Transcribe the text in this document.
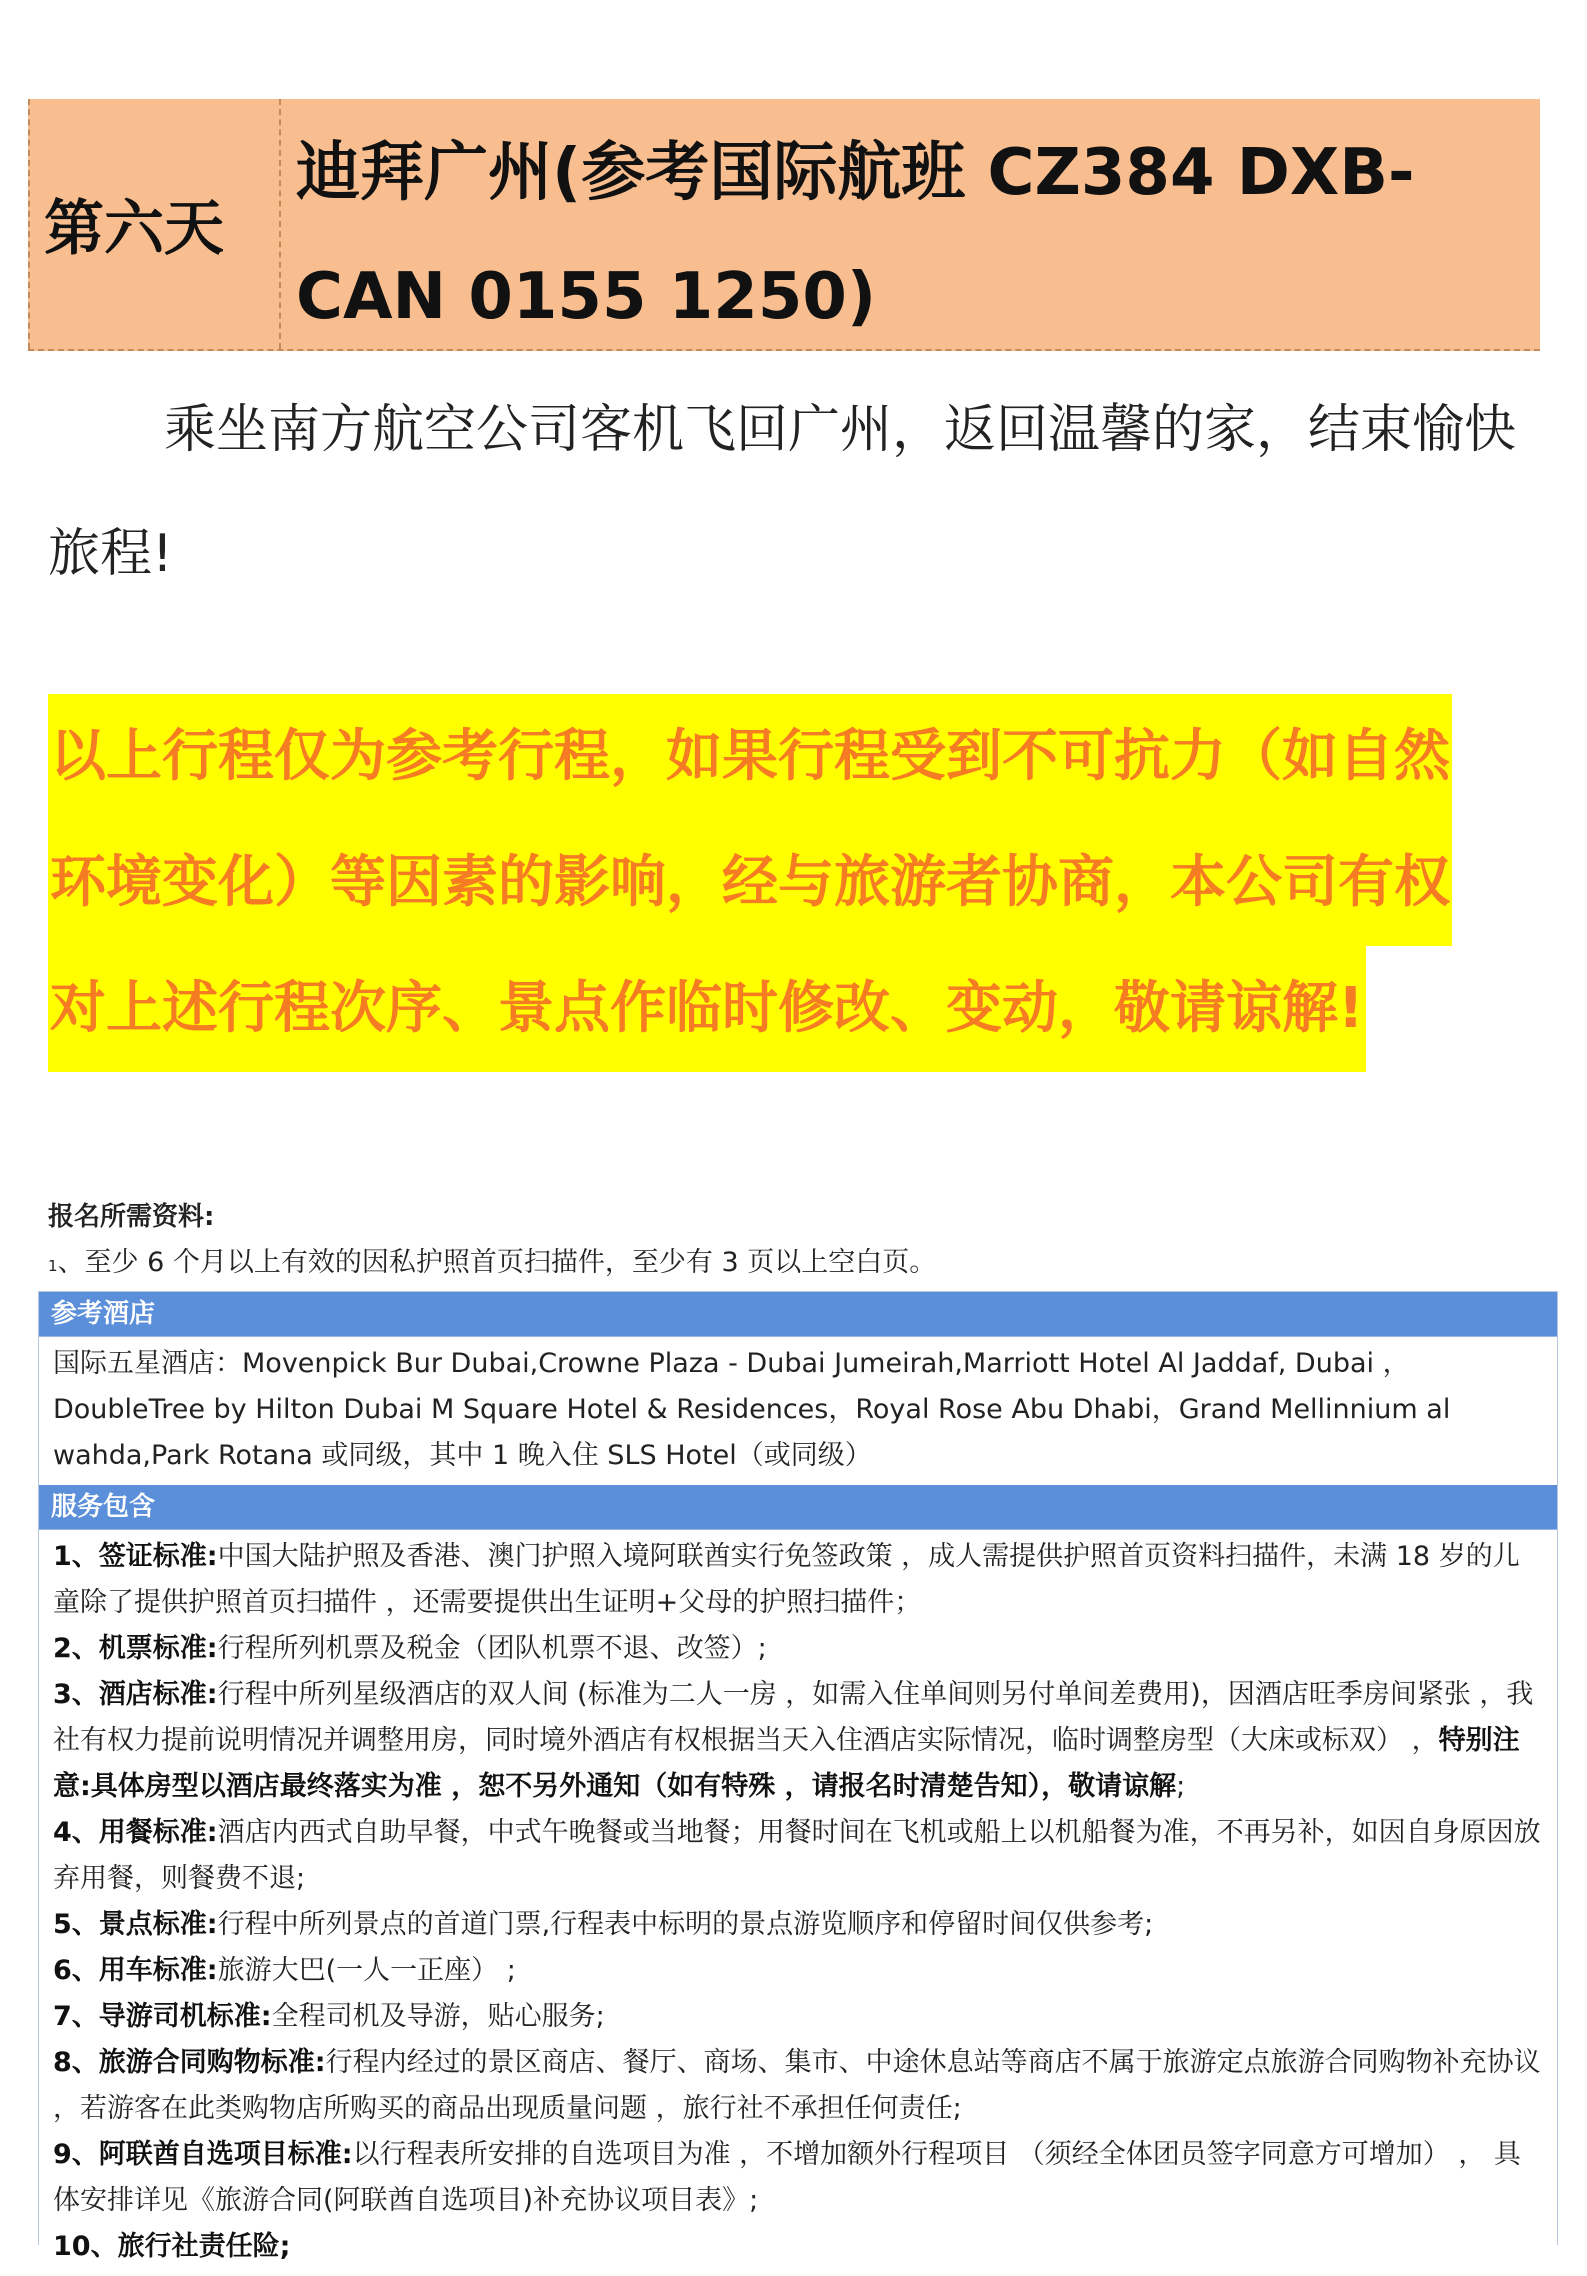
第六天
迪拜广州(参考国际航班 CZ384 DXB-CAN 0155 1250)
乘坐南方航空公司客机飞回广州，返回温馨的家，结束愉快旅程!
以上行程仅为参考行程，如果行程受到不可抗力（如自然
环境变化）等因素的影响，经与旅游者协商，本公司有权
对上述行程次序、景点作临时修改、变动，敬请谅解!
报名所需资料:
1、至少 6 个月以上有效的因私护照首页扫描件，至少有 3 页以上空白页。
参考酒店

国际五星酒店：Movenpick Bur Dubai,Crowne Plaza - Dubai Jumeirah,Marriott Hotel Al Jaddaf, Dubai ，DoubleTree by Hilton Dubai M Square Hotel & Residences，Royal Rose Abu Dhabi，Grand Mellinnium al wahda,Park Rotana 或同级，其中 1 晚入住 SLS Hotel（或同级）

服务包含

1、签证标准:中国大陆护照及香港、澳门护照入境阿联酋实行免签政策 ，成人需提供护照首页资料扫描件，未满 18 岁的儿童除了提供护照首页扫描件 ，还需要提供出生证明+父母的护照扫描件；

2、机票标准:行程所列机票及税金（团队机票不退、改签）;

3、酒店标准:行程中所列星级酒店的双人间 (标准为二人一房 ，如需入住单间则另付单间差费用)，因酒店旺季房间紧张 ，我社有权力提前说明情况并调整用房，同时境外酒店有权根据当天入住酒店实际情况，临时调整房型（大床或标双） ，特别注意:具体房型以酒店最终落实为准 ，恕不另外通知（如有特殊 ，请报名时清楚告知），敬请谅解;

4、用餐标准:酒店内西式自助早餐，中式午晚餐或当地餐；用餐时间在飞机或船上以机船餐为准，不再另补，如因自身原因放弃用餐，则餐费不退;

5、景点标准:行程中所列景点的首道门票,行程表中标明的景点游览顺序和停留时间仅供参考;

6、用车标准:旅游大巴(一人一正座） ;

7、导游司机标准:全程司机及导游，贴心服务;

8、旅游合同购物标准:行程内经过的景区商店、餐厅、商场、集市、中途休息站等商店不属于旅游定点旅游合同购物补充协议 ，若游客在此类购物店所购买的商品出现质量问题 ，旅行社不承担任何责任;

9、阿联酋自选项目标准:以行程表所安排的自选项目为准 ，不增加额外行程项目 （须经全体团员签字同意方可增加） ， 具体安排详见《旅游合同(阿联酋自选项目)补充协议项目表》;

10、旅行社责任险;
